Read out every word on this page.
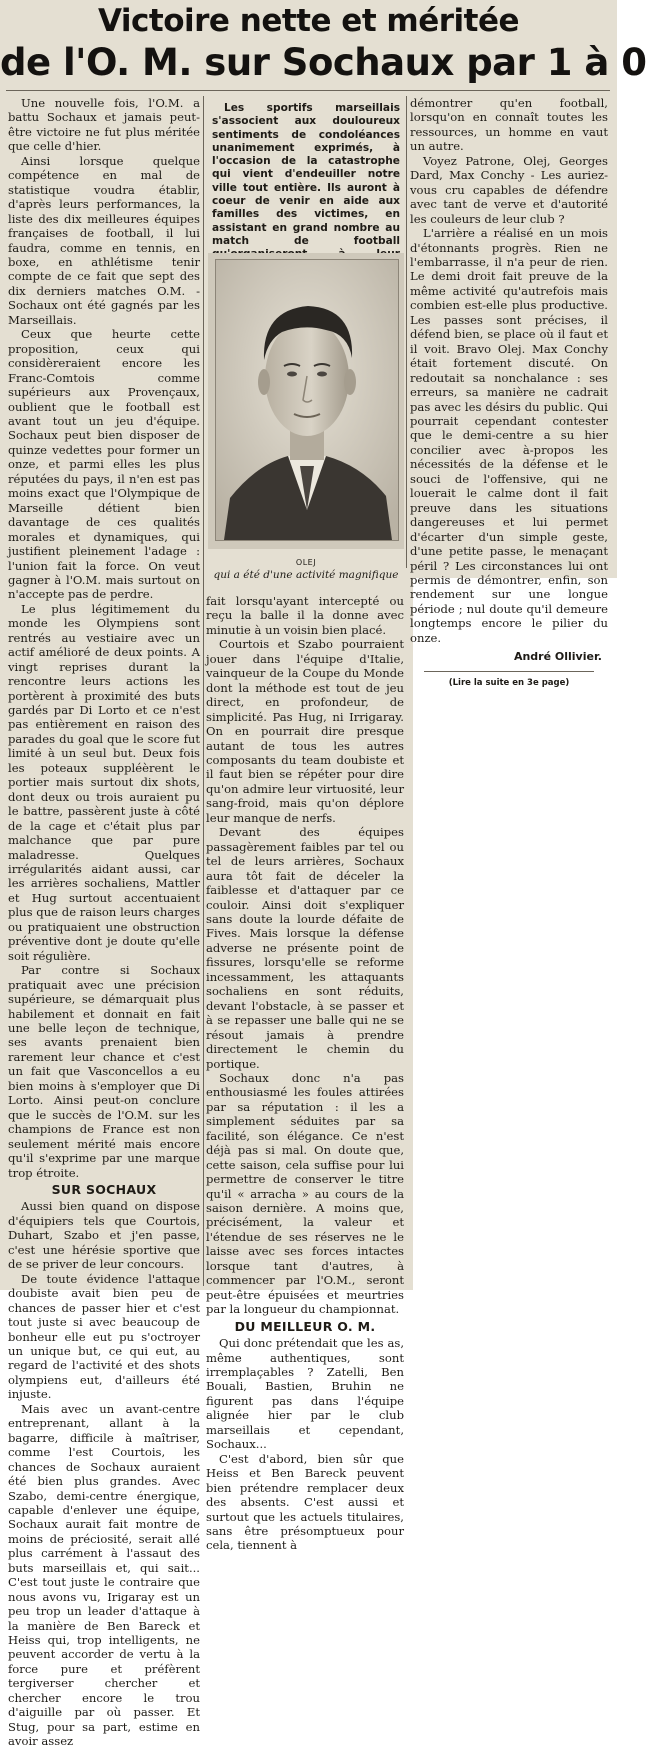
Victoire nette et méritée
de l'O. M. sur Sochaux par 1 à 0

Une nouvelle fois, l'O.M. a battu Sochaux et jamais peut-être victoire ne fut plus méritée que celle d'hier.

Ainsi lorsque quelque compétence en mal de statistique voudra établir, d'après leurs performances, la liste des dix meilleures équipes françaises de football, il lui faudra, comme en tennis, en boxe, en athlétisme tenir compte de ce fait que sept des dix derniers matches O.M. - Sochaux ont été gagnés par les Marseillais.

Ceux que heurte cette proposition, ceux qui considèreraient encore les Franc-Comtois comme supérieurs aux Provençaux, oublient que le football est avant tout un jeu d'équipe. Sochaux peut bien disposer de quinze vedettes pour former un onze, et parmi elles les plus réputées du pays, il n'en est pas moins exact que l'Olympique de Marseille détient bien davantage de ces qualités morales et dynamiques, qui justifient pleinement l'adage : l'union fait la force. On veut gagner à l'O.M. mais surtout on n'accepte pas de perdre.

Le plus légitimement du monde les Olympiens sont rentrés au vestiaire avec un actif amélioré de deux points. A vingt reprises durant la rencontre leurs actions les portèrent à proximité des buts gardés par Di Lorto et ce n'est pas entièrement en raison des parades du goal que le score fut limité à un seul but. Deux fois les poteaux suppléèrent le portier mais surtout dix shots, dont deux ou trois auraient pu le battre, passèrent juste à côté de la cage et c'était plus par malchance que par pure maladresse. Quelques irrégularités aidant aussi, car les arrières sochaliens, Mattler et Hug surtout accentuaient plus que de raison leurs charges ou pratiquaient une obstruction préventive dont je doute qu'elle soit régulière.

Par contre si Sochaux pratiquait avec une précision supérieure, se démarquait plus habilement et donnait en fait une belle leçon de technique, ses avants prenaient bien rarement leur chance et c'est un fait que Vasconcellos a eu bien moins à s'employer que Di Lorto. Ainsi peut-on conclure que le succès de l'O.M. sur les champions de France est non seulement mérité mais encore qu'il s'exprime par une marque trop étroite.

SUR SOCHAUX

Aussi bien quand on dispose d'équipiers tels que Courtois, Duhart, Szabo et j'en passe, c'est une hérésie sportive que de se priver de leur concours.

De toute évidence l'attaque doubiste avait bien peu de chances de passer hier et c'est tout juste si avec beaucoup de bonheur elle eut pu s'octroyer un unique but, ce qui eut, au regard de l'activité et des shots olympiens eut, d'ailleurs été injuste.

Mais avec un avant-centre entreprenant, allant à la bagarre, difficile à maîtriser, comme l'est Courtois, les chances de Sochaux auraient été bien plus grandes. Avec Szabo, demi-centre énergique, capable d'enlever une équipe, Sochaux aurait fait montre de moins de préciosité, serait allé plus carrément à l'assaut des buts marseillais et, qui sait... C'est tout juste le contraire que nous avons vu, Irigaray est un peu trop un leader d'attaque à la manière de Ben Bareck et Heiss qui, trop intelligents, ne peuvent accorder de vertu à la force pure et préfèrent tergiverser chercher et chercher encore le trou d'aiguille par où passer. Et Stug, pour sa part, estime en avoir assez

Les sportifs marseillais s'associent aux douloureux sentiments de condoléances unanimement exprimés, à l'occasion de la catastrophe qui vient d'endeuiller notre ville tout entière. Ils auront à coeur de venir en aide aux familles des victimes, en assistant en grand nombre au match de football

OLEJ
qui a été d'une activité magnifique

fait lorsqu'ayant intercepté ou reçu la balle il la donne avec minutie à un voisin bien placé.

Courtois et Szabo pourraient jouer dans l'équipe d'Italie, vainqueur de la Coupe du Monde dont la méthode est tout de jeu direct, en profondeur, de simplicité. Pas Hug, ni Irrigaray. On en pourrait dire presque autant de tous les autres composants du team doubiste et il faut bien se répéter pour dire qu'on admire leur virtuosité, leur sang-froid, mais qu'on déplore leur manque de nerfs.

Devant des équipes passagèrement faibles par tel ou tel de leurs arrières, Sochaux aura tôt fait de déceler la faiblesse et d'attaquer par ce couloir. Ainsi doit s'expliquer sans doute la lourde défaite de Fives. Mais lorsque la défense adverse ne présente point de fissures, lorsqu'elle se reforme incessamment, les attaquants sochaliens en sont réduits, devant l'obstacle, à se passer et à se repasser une balle qui ne se résout jamais à prendre directement le chemin du portique.

Sochaux donc n'a pas enthousiasmé les foules attirées par sa réputation : il les a simplement séduites par sa facilité, son élégance. Ce n'est déjà pas si mal. On doute que, cette saison, cela suffise pour lui permettre de conserver le titre qu'il « arracha » au cours de la saison dernière. A moins que, précisément, la valeur et l'étendue de ses réserves ne le laisse avec ses forces intactes lorsque tant d'autres, à commencer par l'O.M., seront peut-être épuisées et meurtries par la longueur du championnat.

DU MEILLEUR O. M.

Qui donc prétendait que les as, même authentiques, sont irremplaçables ? Zatelli, Ben Bouali, Bastien, Bruhin ne figurent pas dans l'équipe alignée hier par le club marseillais et cependant, Sochaux...

C'est d'abord, bien sûr que Heiss et Ben Bareck peuvent bien prétendre remplacer deux des absents. C'est aussi et surtout que les actuels titulaires, sans être présomptueux pour cela, tiennent à

démontrer qu'en football, lorsqu'on en connaît toutes les ressources, un homme en vaut un autre.

Voyez Patrone, Olej, Georges Dard, Max Conchy - Les auriez-vous cru capables de défendre avec tant de verve et d'autorité les couleurs de leur club ?

L'arrière a réalisé en un mois d'étonnants progrès. Rien ne l'embarrasse, il n'a peur de rien. Le demi droit fait preuve de la même activité qu'autrefois mais combien est-elle plus productive. Les passes sont précises, il défend bien, se place où il faut et il voit. Bravo Olej. Max Conchy était fortement discuté. On redoutait sa nonchalance : ses erreurs, sa manière ne cadrait pas avec les désirs du public. Qui pourrait cependant contester que le demi-centre a su hier concilier avec à-propos les nécessités de la défense et le souci de l'offensive, qui ne louerait le calme dont il fait preuve dans les situations dangereuses et lui permet d'écarter d'un simple geste, d'une petite passe, le menaçant péril ? Les circonstances lui ont permis de démontrer, enfin, son rendement sur une longue période ; nul doute qu'il demeure longtemps encore le pilier du onze.

André Ollivier.
(Lire la suite en 3e page)
